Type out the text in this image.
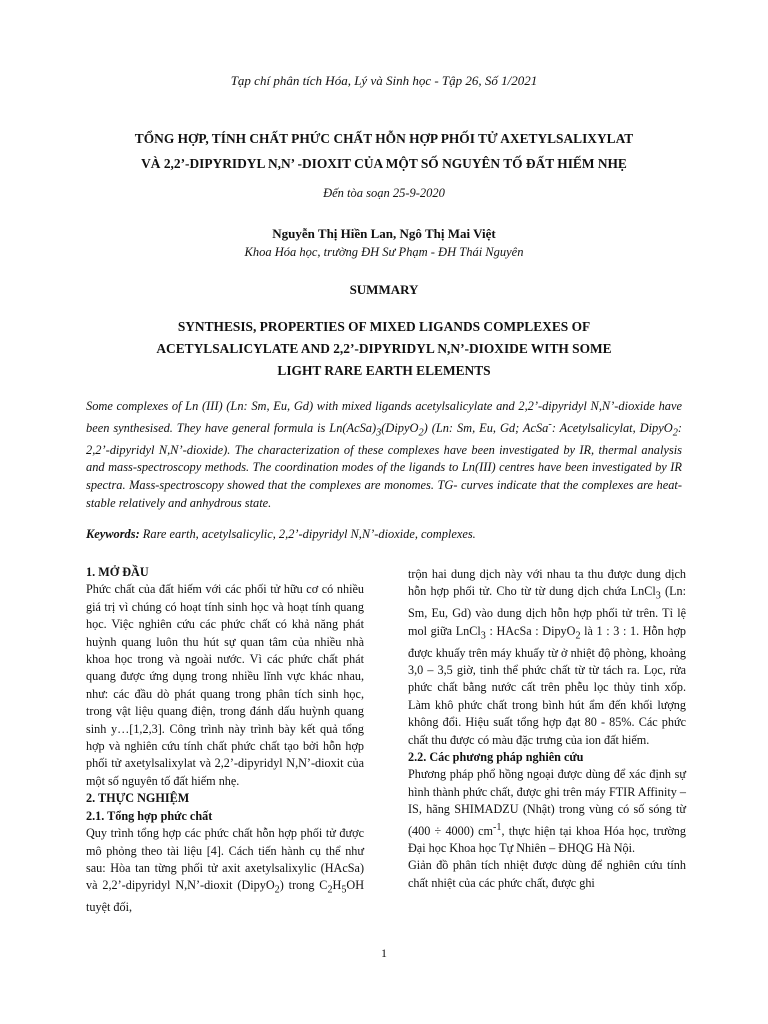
Tạp chí phân tích Hóa, Lý và Sinh học - Tập 26, Số 1/2021
TỔNG HỢP, TÍNH CHẤT PHỨC CHẤT HỖN HỢP PHỐI TỬ AXETYLSALIXYLAT
VÀ 2,2’-DIPYRIDYL N,N’ -DIOXIT CỦA MỘT SỐ NGUYÊN TỐ ĐẤT HIẾM NHẸ
Đến tòa soạn 25-9-2020
Nguyễn Thị Hiền Lan, Ngô Thị Mai Việt
Khoa Hóa học, trường ĐH Sư Phạm - ĐH Thái Nguyên
SUMMARY
SYNTHESIS, PROPERTIES OF MIXED LIGANDS COMPLEXES OF
ACETYLSALICYLATE AND 2,2’-DIPYRIDYL N,N’-DIOXIDE WITH SOME
LIGHT RARE EARTH ELEMENTS

Some complexes of Ln (III) (Ln: Sm, Eu, Gd) with mixed ligands acetylsalicylate and 2,2’-dipyridyl N,N’-dioxide have been synthesised. They have general formula is $Ln(AcSa)_3(DipyO_2)$ (Ln: Sm, Eu, Gd; AcSa-: Acetylsalicylat, DipyO$_2$: 2,2’-dipyridyl N,N’-dioxide). The characterization of these complexes have been investigated by IR, thermal analysis and mass-spectroscopy methods. The coordination modes of the ligands to Ln(III) centres have been investigated by IR spectra. Mass-spectroscopy showed that the complexes are monomes. TG- curves indicate that the complexes are heat-stable relatively and anhydrous state.

Keywords: Rare earth, acetylsalicylic, 2,2’-dipyridyl N,N’-dioxide, complexes.

1. MỞ ĐẦU

Phức chất của đất hiếm với các phối tử hữu cơ có nhiều giá trị vì chúng có hoạt tính sinh học và hoạt tính quang học. Việc nghiên cứu các phức chất có khả năng phát huỳnh quang luôn thu hút sự quan tâm của nhiều nhà khoa học trong và ngoài nước. Vì các phức chất phát quang được ứng dụng trong nhiều lĩnh vực khác nhau, như: các đầu dò phát quang trong phân tích sinh học, trong vật liệu quang điện, trong đánh dấu huỳnh quang sinh y…[1,2,3]. Công trình này trình bày kết quả tổng hợp và nghiên cứu tính chất phức chất tạo bởi hỗn hợp phối tử axetylsalixylat và 2,2’-dipyridyl N,N’-dioxit của một số nguyên tố đất hiếm nhẹ.

2. THỰC NGHIỆM
2.1. Tổng hợp phức chất

Quy trình tổng hợp các phức chất hỗn hợp phối tử được mô phỏng theo tài liệu [4]. Cách tiến hành cụ thể như sau: Hòa tan từng phối tử axit axetylsalixylic (HAcSa) và 2,2’-dipyridyl N,N’-dioxit (DipyO$_2$) trong $C_2H_5OH$ tuyệt đối,

trộn hai dung dịch này với nhau ta thu được dung dịch hỗn hợp phối tử. Cho từ từ dung dịch chứa LnCl$_3$ (Ln: Sm, Eu, Gd) vào dung dịch hỗn hợp phối tử trên. Tỉ lệ mol giữa LnCl$_3$ : HAcSa : DipyO$_2$ là 1 : 3 : 1. Hỗn hợp được khuấy trên máy khuấy từ ở nhiệt độ phòng, khoảng 3,0 – 3,5 giờ, tinh thể phức chất từ từ tách ra. Lọc, rửa phức chất bằng nước cất trên phễu lọc thủy tinh xốp. Làm khô phức chất trong bình hút ẩm đến khối lượng không đổi. Hiệu suất tổng hợp đạt 80 - 85%. Các phức chất thu được có màu đặc trưng của ion đất hiếm.

2.2. Các phương pháp nghiên cứu

Phương pháp phổ hồng ngoại được dùng để xác định sự hình thành phức chất, được ghi trên máy FTIR Affinity – IS, hãng SHIMADZU (Nhật) trong vùng có số sóng từ (400 ÷ 4000) $cm^{-1}$, thực hiện tại khoa Hóa học, trường Đại học Khoa học Tự Nhiên – ĐHQG Hà Nội.

Giản đồ phân tích nhiệt được dùng để nghiên cứu tính chất nhiệt của các phức chất, được ghi

1
